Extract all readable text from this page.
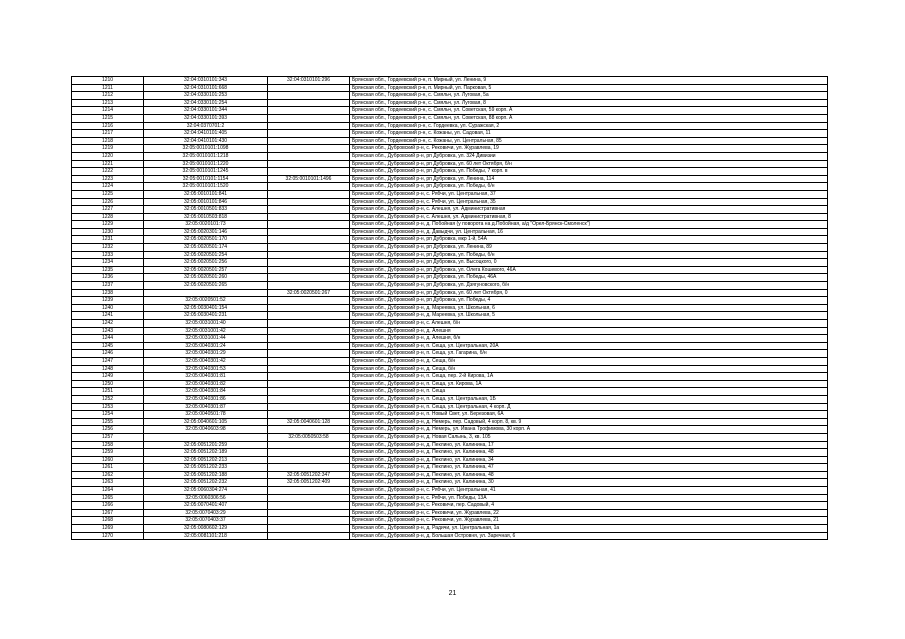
1210	32:04:0310101:343	32:04:0310101:296	Брянская обл., Гордеевский р-н, п. Мирный, ул. Ленина, 9
1211	32:04:0310101:668		Брянская обл., Гордеевский р-н, п. Мирный, ул. Парковая, 5
1212	32:04:0330101:253		Брянская обл., Гордеевский р-н, с. Смяльч, ул. Луговая, 5а
1213	32:04:0330101:254		Брянская обл., Гордеевский р-н, с. Смяльч, ул. Луговая, 8
1214	32:04:0330101:344		Брянская обл., Гордеевский р-н, с. Смяльч, ул. Советская, 59 корп. А
1215	32:04:0330101:393		Брянская обл., Гордеевский р-н, с. Смяльч, ул. Советская, 88 корп. А
1216	32:04:0370701:2		Брянская обл., Гордеевский р-н, с. Гордеевка, ул. Суражская, 2
1217	32:04:0410101:405		Брянская обл., Гордеевский р-н, с. Кожаны, ул. Садовая, 11
1218	32:04:0410101:430		Брянская обл., Гордеевский р-н, с. Кожаны, ул. Центральная, 85
1219	32:05:0010101:1098		Брянская обл., Дубровский р-н, с. Рековичи, ул. Журавлева, 19
1220	32:05:0010101:1218		Брянская обл., Дубровский р-н, рп Дубровка, ул. 324 Дивизии
1221	32:05:0010101:1220		Брянская обл., Дубровский р-н, рп Дубровка, ул. 60 лет Октября, б/н
1222	32:05:0010101:1245		Брянская обл., Дубровский р-н, рп Дубровка, ул. Победы, 7 корп. в
1223	32:05:0010101:1154	32:05:0010101:1496	Брянская обл., Дубровский р-н, рп Дубровка, ул. Ленина, 114
1224	32:05:0010101:1520		Брянская обл., Дубровский р-н, рп Дубровка, ул. Победы, б/н
1225	32:05:0010101:841		Брянская обл., Дубровский р-н, с. Рябчи, ул. Центральная, 37
1226	32:05:0010101:846		Брянская обл., Дубровский р-н, с. Рябчи, ул. Центральная, 35
1227	32:05:0010501:833		Брянская обл., Дубровский р-н, с. Алешня, ул. Административная
1228	32:05:0010503:818		Брянская обл., Дубровский р-н, с. Алешня, ул. Административная, 8
1229	32:05:0020101:73		Брянская обл., Дубровский р-н, д. Побойная (у поворота на д.Побойная, а/д "Орел-Брянск-Смоленск")
1230	32:05:0020301:146		Брянская обл., Дубровский р-н, д. Давыдчи, ул. Центральная, 16
1231	32:05:0020501:170		Брянская обл., Дубровский р-н, рп Дубровка, мкр 1-й, 54А
1232	32:05:0020501:174		Брянская обл., Дубровский р-н, рп Дубровка, ул. Ленина, 89
1233	32:05:0020501:254		Брянская обл., Дубровский р-н, рп Дубровка, ул. Победы, б/н
1234	32:05:0020501:256		Брянская обл., Дубровский р-н, рп Дубровка, ул. Высоцкого, 0
1235	32:05:0020501:257		Брянская обл., Дубровский р-н, рп Дубровка, ул. Олега Кошевого, 46А
1236	32:05:0020501:260		Брянская обл., Дубровский р-н, рп Дубровка, ул. Победы, 46А
1237	32:05:0020501:265		Брянская обл., Дубровский р-н, рп Дубровка, ул. Дзягуновского, б/н
1238		32:05:0020501:267	Брянская обл., Дубровский р-н, рп Дубровка, ул. 60 лет Октября, 0
1239	32:05:0020501:52		Брянская обл., Дубровский р-н, рп Дубровка, ул. Победы, 4
1240	32:05:0030401:154		Брянская обл., Дубровский р-н, д. Мареевка, ул. Школьная, 6
1241	32:05:0030401:231		Брянская обл., Дубровский р-н, д. Мареевка, ул. Школьная, 5
1242	32:05:0031001:40		Брянская обл., Дубровский р-н, с. Алешня, б/н
1243	32:05:0031001:42		Брянская обл., Дубровский р-н, д. Алешня
1244	32:05:0031001:44		Брянская обл., Дубровский р-н, д. Алешня, б/н
1245	32:05:0040301:24		Брянская обл., Дубровский р-н, п. Сеща, ул. Центральная, 20А
1246	32:05:0040301:29		Брянская обл., Дубровский р-н, п. Сеща, ул. Гагарина, б/н
1247	32:05:0040301:42		Брянская обл., Дубровский р-н, д. Сеща, б/н
1248	32:05:0040301:53		Брянская обл., Дубровский р-н, д. Сеща, б/н
1249	32:05:0040301:81		Брянская обл., Дубровский р-н, п. Сеща, пер. 2-й Кирова, 1А
1250	32:05:0040301:82		Брянская обл., Дубровский р-н, п. Сеща, ул. Кирова, 1А
1251	32:05:0040301:84		Брянская обл., Дубровский р-н, п. Сеща
1252	32:05:0040301:86		Брянская обл., Дубровский р-н, п. Сеща, ул. Центральная, 1Б
1253	32:05:0040301:87		Брянская обл., Дубровский р-н, п. Сеща, ул. Центральная, 4 корп. Д
1254	32:05:0040501:78		Брянская обл., Дубровский р-н, п. Новый Свет, ул. Березовая, 6А
1255	32:05:0040601:105	32:05:0040601:128	Брянская обл., Дубровский р-н, д. Немерь, пер. Садовый, 4 корп. 8, кв. 9
1256	32:05:0040603:98		Брянская обл., Дубровский р-н, д. Немерь, ул. Ивана Трофимова, 30 корп. А
1257		32:05:0050503:58	Брянская обл., Дубровский р-н, д. Новая Салынь, 3, кв. 105
1258	32:05:0051201:259		Брянская обл., Дубровский р-н, д. Пеклино, ул. Калинина, 17
1259	32:05:0051202:189		Брянская обл., Дубровский р-н, д. Пеклино, ул. Калинина, 48
1260	32:05:0051202:213		Брянская обл., Дубровский р-н, д. Пеклино, ул. Калинина, 34
1261	32:05:0051202:233		Брянская обл., Дубровский р-н, д. Пеклино, ул. Калинина, 47
1262	32:05:0051202:188	32:05:0051202:347	Брянская обл., Дубровский р-н, д. Пеклино, ул. Калинина, 48
1263	32:05:0051202:232	32:05:0051202:409	Брянская обл., Дубровский р-н, д. Пеклино, ул. Калинина, 30
1264	32:05:0060304:274		Брянская обл., Дубровский р-н, с. Рябчи, ул. Центральная, 41
1265	32:05:0060306:56		Брянская обл., Дубровский р-н, с. Рябчи, ул. Победы, 13А
1266	32:05:0070401:407		Брянская обл., Дубровский р-н, с. Рековичи, пер. Садовый, 4
1267	32:05:0070403:29		Брянская обл., Дубровский р-н, с. Рековичи, ул. Журавлева, 22
1268	32:05:0070403:37		Брянская обл., Дубровский р-н, с. Рековичи, ул. Журавлева, 21
1269	32:05:0080602:129		Брянская обл., Дубровский р-н, д. Радичи, ул. Центральная, 1а
1270	32:05:0081101:218		Брянская обл., Дубровский р-н, д. Большая Островня, ул. Заречная, 6
21
